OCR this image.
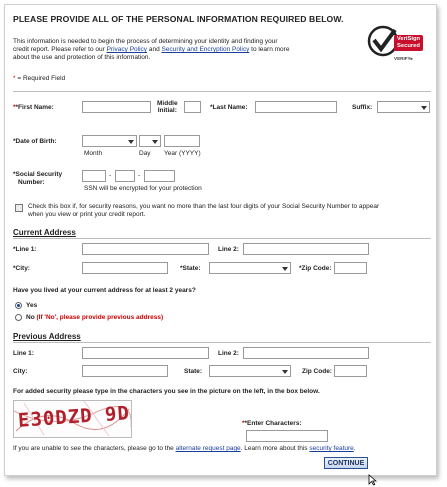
PLEASE PROVIDE ALL OF THE PERSONAL INFORMATION REQUIRED BELOW.
This information is needed to begin the process of determining your identity and finding your
credit report. Please refer to our Privacy Policy and Security and Encryption Policy to learn more
about the use and protection of this information.
* = Required Field
VeriSign
Secured
VERIFY▸
**First Name:
Middle
Initial:	*Last Name:	Suffix:
*Date of Birth:
Month	Day Year (YYYY)
*Social Security
Number:
-	-
SSN will be encrypted for your protection
Check this box if, for security reasons, you want no more than the last four digits of your Social Security Number to appear
when you view or print your credit report.
Current Address
*Line 1:	Line 2:
*City:	*State:	*Zip Code:
Have you lived at your current address for at least 2 years?
Yes
No (If 'No', please provide previous address)
Previous Address
Line 1:	Line 2:
City:	State:	Zip Code:
For added security please type in the characters you see in the picture on the left, in the box below.
E30DZD 9D	**Enter Characters:
If you are unable to see the characters, please go to the alternate request page. Learn more about this security feature.
CONTINUE
